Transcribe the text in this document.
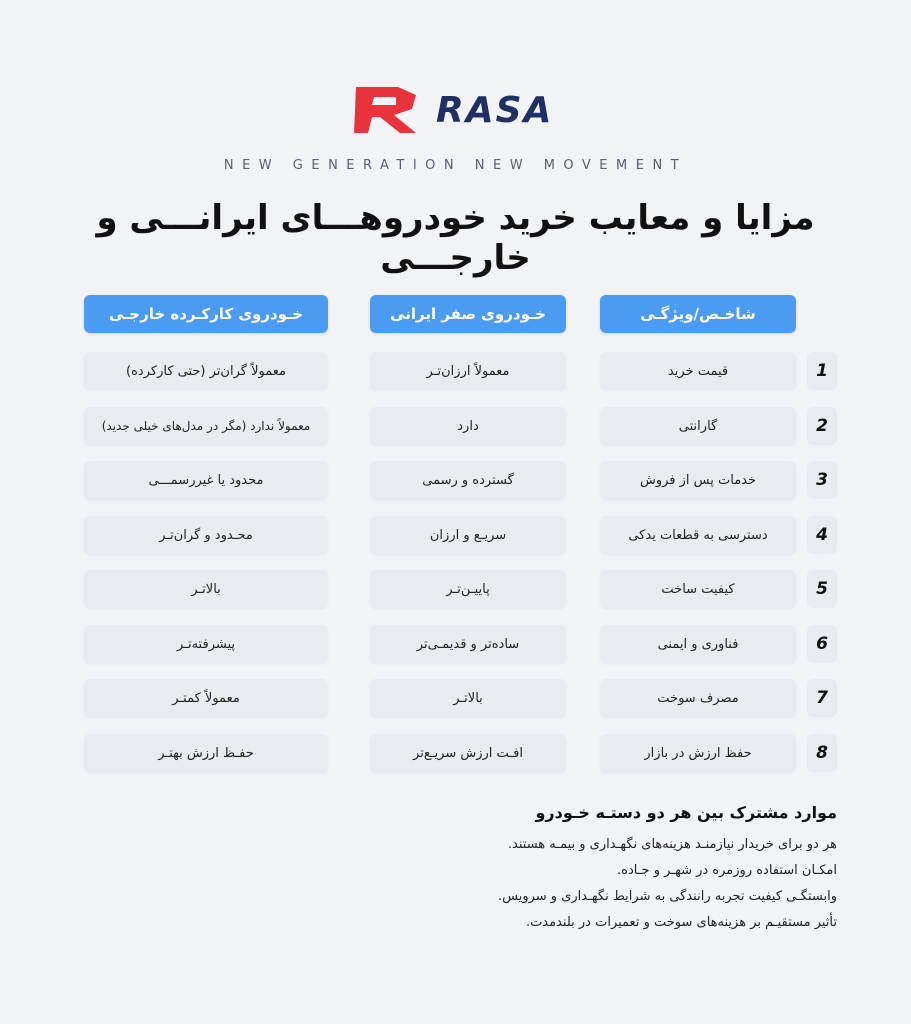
RASA
NEW GENERATION NEW MOVEMENT
مزایا و معایب خرید خودروهـــای ایرانـــی و خارجـــی
شاخـص/ویژگـی
خـودروی صفر ایرانی
خـودروی کارکـرده خارجـی
1
قیمت خرید
معمولاً ارزان‌تـر
معمولاً گران‌تر (حتی کارکرده)
2
گارانتی
دارد
معمولاً ندارد (مگر در مدل‌های خیلی جدید)
3
خدمات پس از فروش
گسترده و رسمی
محدود یا غیررسمـــی
4
دسترسی به قطعات یدکی
سریـع و ارزان
محـدود و گران‌تـر
5
کیفیت ساخت
پاییـن‌تـر
بالاتـر
6
فناوری و ایمنی
ساده‌تر و قدیمـی‌تر
پیشرفته‌تـر
7
مصرف سوخت
بالاتـر
معمولاً کمتـر
8
حفظ ارزش در بازار
افـت ارزش سریـع‌تر
حفـظ ارزش بهتـر
موارد مشترک بین هر دو دستـه خـودرو
هر دو برای خریدار نیازمنـد هزینه‌های نگهـداری و بیمـه هستند.
امکـان استفاده روزمره در شهـر و جـاده.
وابستگـی کیفیت تجربه رانندگی به شرایط نگهـداری و سرویس.
تأثیر مستقیـم بر هزینه‌های سوخت و تعمیرات در بلندمدت.
